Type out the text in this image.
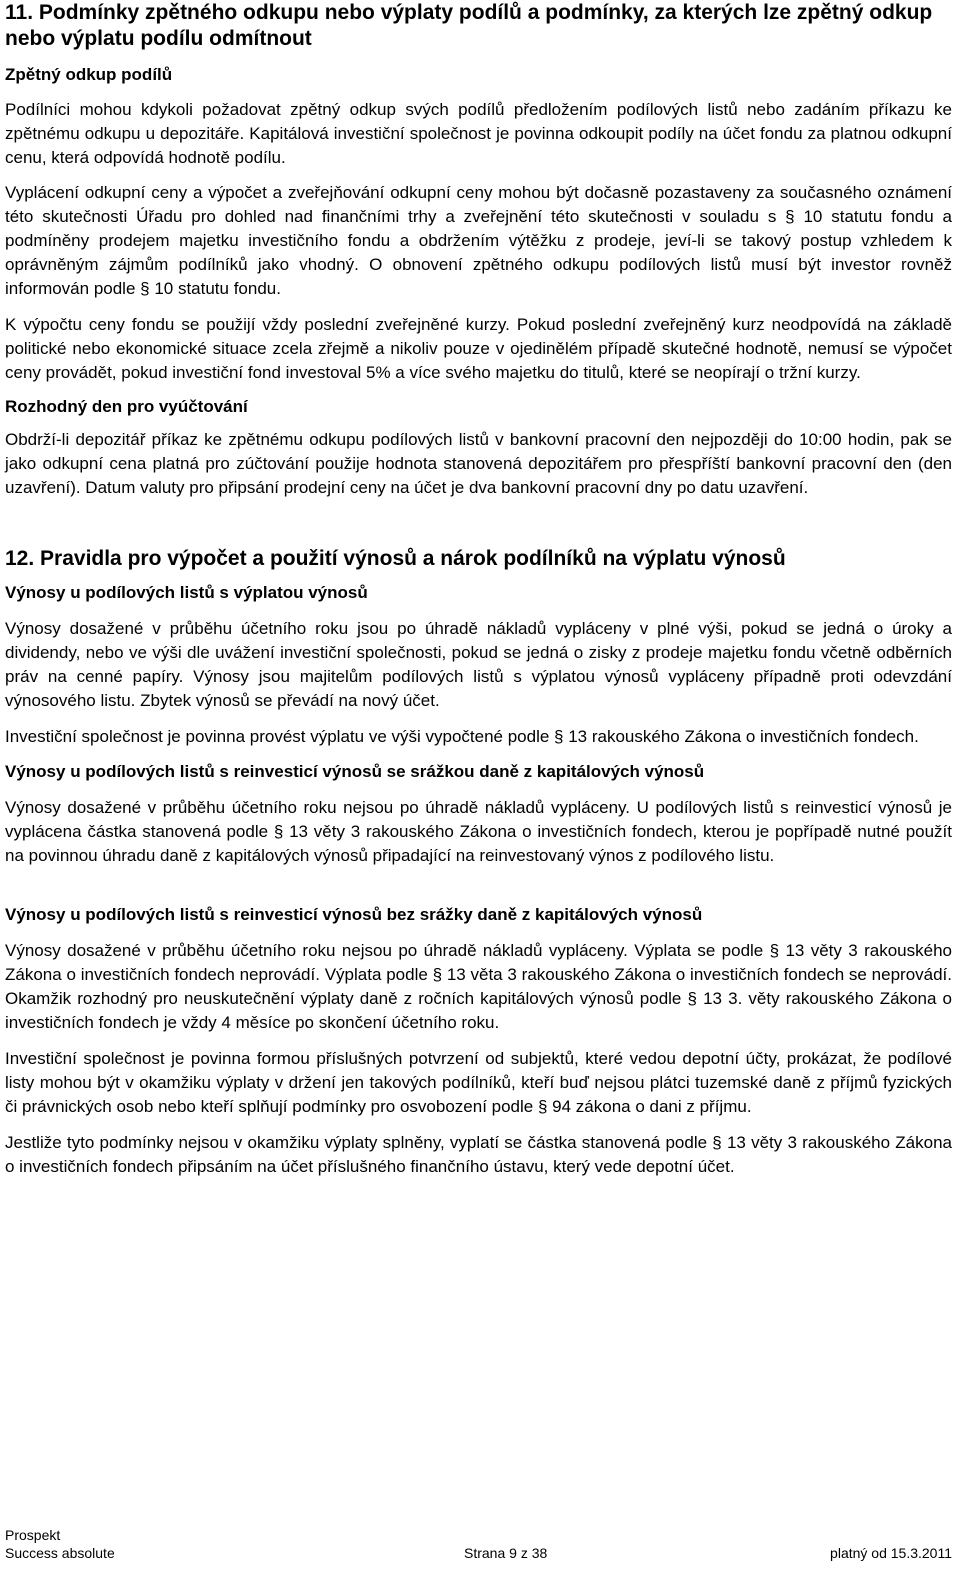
11. Podmínky zpětného odkupu nebo výplaty podílů a podmínky, za kterých lze zpětný odkup nebo výplatu podílu odmítnout
Zpětný odkup podílů

Podílníci mohou kdykoli požadovat zpětný odkup svých podílů předložením podílových listů nebo zadáním příkazu ke zpětnému odkupu u depozitáře. Kapitálová investiční společnost je povinna odkoupit podíly na účet fondu za platnou odkupní cenu, která odpovídá hodnotě podílu.

Vyplácení odkupní ceny a výpočet a zveřejňování odkupní ceny mohou být dočasně pozastaveny za současného oznámení této skutečnosti Úřadu pro dohled nad finančními trhy a zveřejnění této skutečnosti v souladu s § 10 statutu fondu a podmíněny prodejem majetku investičního fondu a obdržením výtěžku z prodeje, jeví-li se takový postup vzhledem k oprávněným zájmům podílníků jako vhodný. O obnovení zpětného odkupu podílových listů musí být investor rovněž informován podle § 10 statutu fondu.

K výpočtu ceny fondu se použijí vždy poslední zveřejněné kurzy. Pokud poslední zveřejněný kurz neodpovídá na základě politické nebo ekonomické situace zcela zřejmě a nikoliv pouze v ojedinělém případě skutečné hodnotě, nemusí se výpočet ceny provádět, pokud investiční fond investoval 5% a více svého majetku do titulů, které se neopírají o tržní kurzy.

Rozhodný den pro vyúčtování

Obdrží-li depozitář příkaz ke zpětnému odkupu podílových listů v bankovní pracovní den nejpozději do 10:00 hodin, pak se jako odkupní cena platná pro zúčtování použije hodnota stanovená depozitářem pro přespříští bankovní pracovní den (den uzavření). Datum valuty pro připsání prodejní ceny na účet je dva bankovní pracovní dny po datu uzavření.

12. Pravidla pro výpočet a použití výnosů a nárok podílníků na výplatu výnosů
Výnosy u podílových listů s výplatou výnosů

Výnosy dosažené v průběhu účetního roku jsou po úhradě nákladů vypláceny v plné výši, pokud se jedná o úroky a dividendy, nebo ve výši dle uvážení investiční společnosti, pokud se jedná o zisky z prodeje majetku fondu včetně odběrních práv na cenné papíry. Výnosy jsou majitelům podílových listů s výplatou výnosů vypláceny případně proti odevzdání výnosového listu. Zbytek výnosů se převádí na nový účet.

Investiční společnost je povinna provést výplatu ve výši vypočtené podle § 13 rakouského Zákona o investičních fondech.

Výnosy u podílových listů s reinvesticí výnosů se srážkou daně z kapitálových výnosů

Výnosy dosažené v průběhu účetního roku nejsou po úhradě nákladů vypláceny. U podílových listů s reinvesticí výnosů je vyplácena částka stanovená podle § 13 věty 3 rakouského Zákona o investičních fondech, kterou je popřípadě nutné použít na povinnou úhradu daně z kapitálových výnosů připadající na reinvestovaný výnos z podílového listu.

Výnosy u podílových listů s reinvesticí výnosů bez srážky daně z kapitálových výnosů

Výnosy dosažené v průběhu účetního roku nejsou po úhradě nákladů vypláceny. Výplata se podle § 13 věty 3 rakouského Zákona o investičních fondech neprovádí. Výplata podle § 13 věta 3 rakouského Zákona o investičních fondech se neprovádí. Okamžik rozhodný pro neuskutečnění výplaty daně z ročních kapitálových výnosů podle § 13 3. věty rakouského Zákona o investičních fondech je vždy 4 měsíce po skončení účetního roku.

Investiční společnost je povinna formou příslušných potvrzení od subjektů, které vedou depotní účty, prokázat, že podílové listy mohou být v okamžiku výplaty v držení jen takových podílníků, kteří buď nejsou plátci tuzemské daně z příjmů fyzických či právnických osob nebo kteří splňují podmínky pro osvobození podle § 94 zákona o dani z příjmu.

Jestliže tyto podmínky nejsou v okamžiku výplaty splněny, vyplatí se částka stanovená podle § 13 věty 3 rakouského Zákona o investičních fondech připsáním na účet příslušného finančního ústavu, který vede depotní účet.

Prospekt
Success absolute	Strana 9 z 38	platný od 15.3.2011
